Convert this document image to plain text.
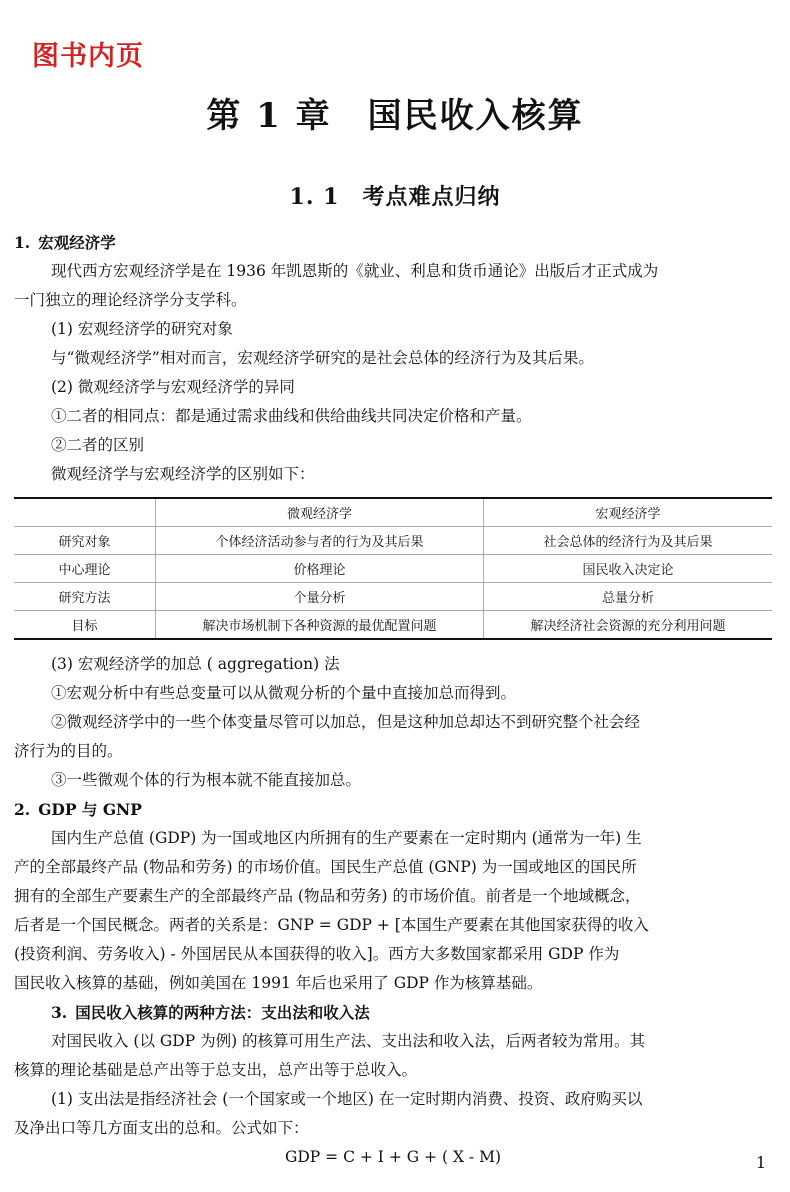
图书内页
第 1 章　国民收入核算
1. 1　考点难点归纳
1. 宏观经济学
现代西方宏观经济学是在 1936 年凯恩斯的《就业、利息和货币通论》出版后才正式成为
一门独立的理论经济学分支学科。
(1) 宏观经济学的研究对象
与“微观经济学”相对而言，宏观经济学研究的是社会总体的经济行为及其后果。
(2) 微观经济学与宏观经济学的异同
①二者的相同点：都是通过需求曲线和供给曲线共同决定价格和产量。
②二者的区别
微观经济学与宏观经济学的区别如下：
	微观经济学	宏观经济学
研究对象	个体经济活动参与者的行为及其后果	社会总体的经济行为及其后果
中心理论	价格理论	国民收入决定论
研究方法	个量分析	总量分析
目标	解决市场机制下各种资源的最优配置问题	解决经济社会资源的充分利用问题
(3) 宏观经济学的加总 ( aggregation) 法
①宏观分析中有些总变量可以从微观分析的个量中直接加总而得到。
②微观经济学中的一些个体变量尽管可以加总，但是这种加总却达不到研究整个社会经
济行为的目的。
③一些微观个体的行为根本就不能直接加总。
2. GDP 与 GNP
国内生产总值 (GDP) 为一国或地区内所拥有的生产要素在一定时期内 (通常为一年) 生
产的全部最终产品 (物品和劳务) 的市场价值。国民生产总值 (GNP) 为一国或地区的国民所
拥有的全部生产要素生产的全部最终产品 (物品和劳务) 的市场价值。前者是一个地域概念，
后者是一个国民概念。两者的关系是：GNP = GDP + [本国生产要素在其他国家获得的收入
(投资利润、劳务收入) - 外国居民从本国获得的收入]。西方大多数国家都采用 GDP 作为
国民收入核算的基础，例如美国在 1991 年后也采用了 GDP 作为核算基础。
3. 国民收入核算的两种方法：支出法和收入法
对国民收入 (以 GDP 为例) 的核算可用生产法、支出法和收入法，后两者较为常用。其
核算的理论基础是总产出等于总支出，总产出等于总收入。
(1) 支出法是指经济社会 (一个国家或一个地区) 在一定时期内消费、投资、政府购买以
及净出口等几方面支出的总和。公式如下：
GDP = C + I + G + ( X - M)	1
